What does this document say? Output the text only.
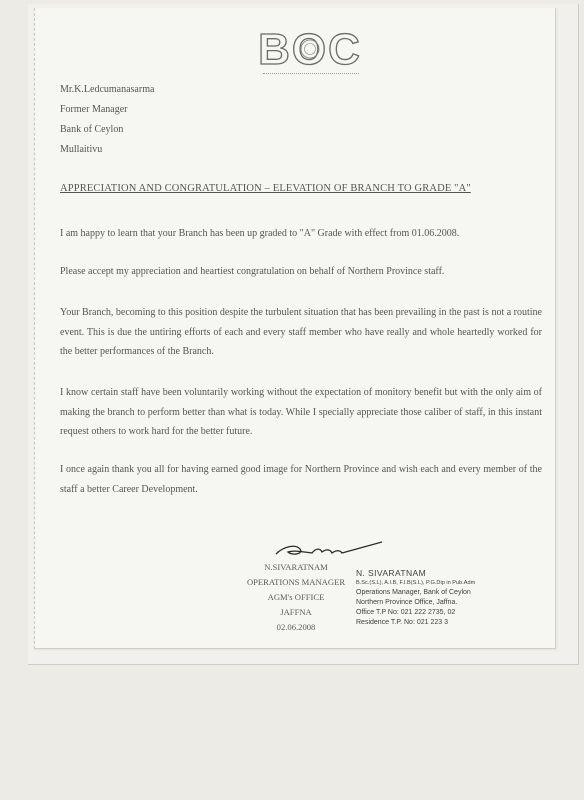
BOC
Mr.K.Ledcumanasarma
Former Manager
Bank of Ceylon
Mullaitivu
APPRECIATION AND CONGRATULATION – ELEVATION OF BRANCH TO GRADE "A"
I am happy to learn that your Branch has been up graded to "A" Grade with effect from 01.06.2008.
Please accept my appreciation and heartiest congratulation on behalf of Northern Province staff.
Your Branch, becoming to this position despite the turbulent situation that has been prevailing in the past is not a routine event. This is due the untiring efforts of each and every staff member who have really and whole heartedly worked for the better performances of the Branch.
I know certain staff have been voluntarily working without the expectation of monitory benefit but with the only aim of making the branch to perform better than what is today. While I specially appreciate those caliber of staff, in this instant request others to work hard for the better future.
I once again thank you all for having earned good image for Northern Province and wish each and every member of the staff a better Career Development.
N.SIVARATNAM
OPERATIONS MANAGER
AGM's OFFICE
JAFFNA
02.06.2008
N. SIVARATNAM
B.Sc.(S.L), A.I.B, F.I.B(S.L), P.G.Dip in Pub.Adm
Operations Manager, Bank of Ceylon
Northern Province Office, Jaffna.
Office T.P No: 021 222 2735, 02
Residence T.P. No: 021 223 3
